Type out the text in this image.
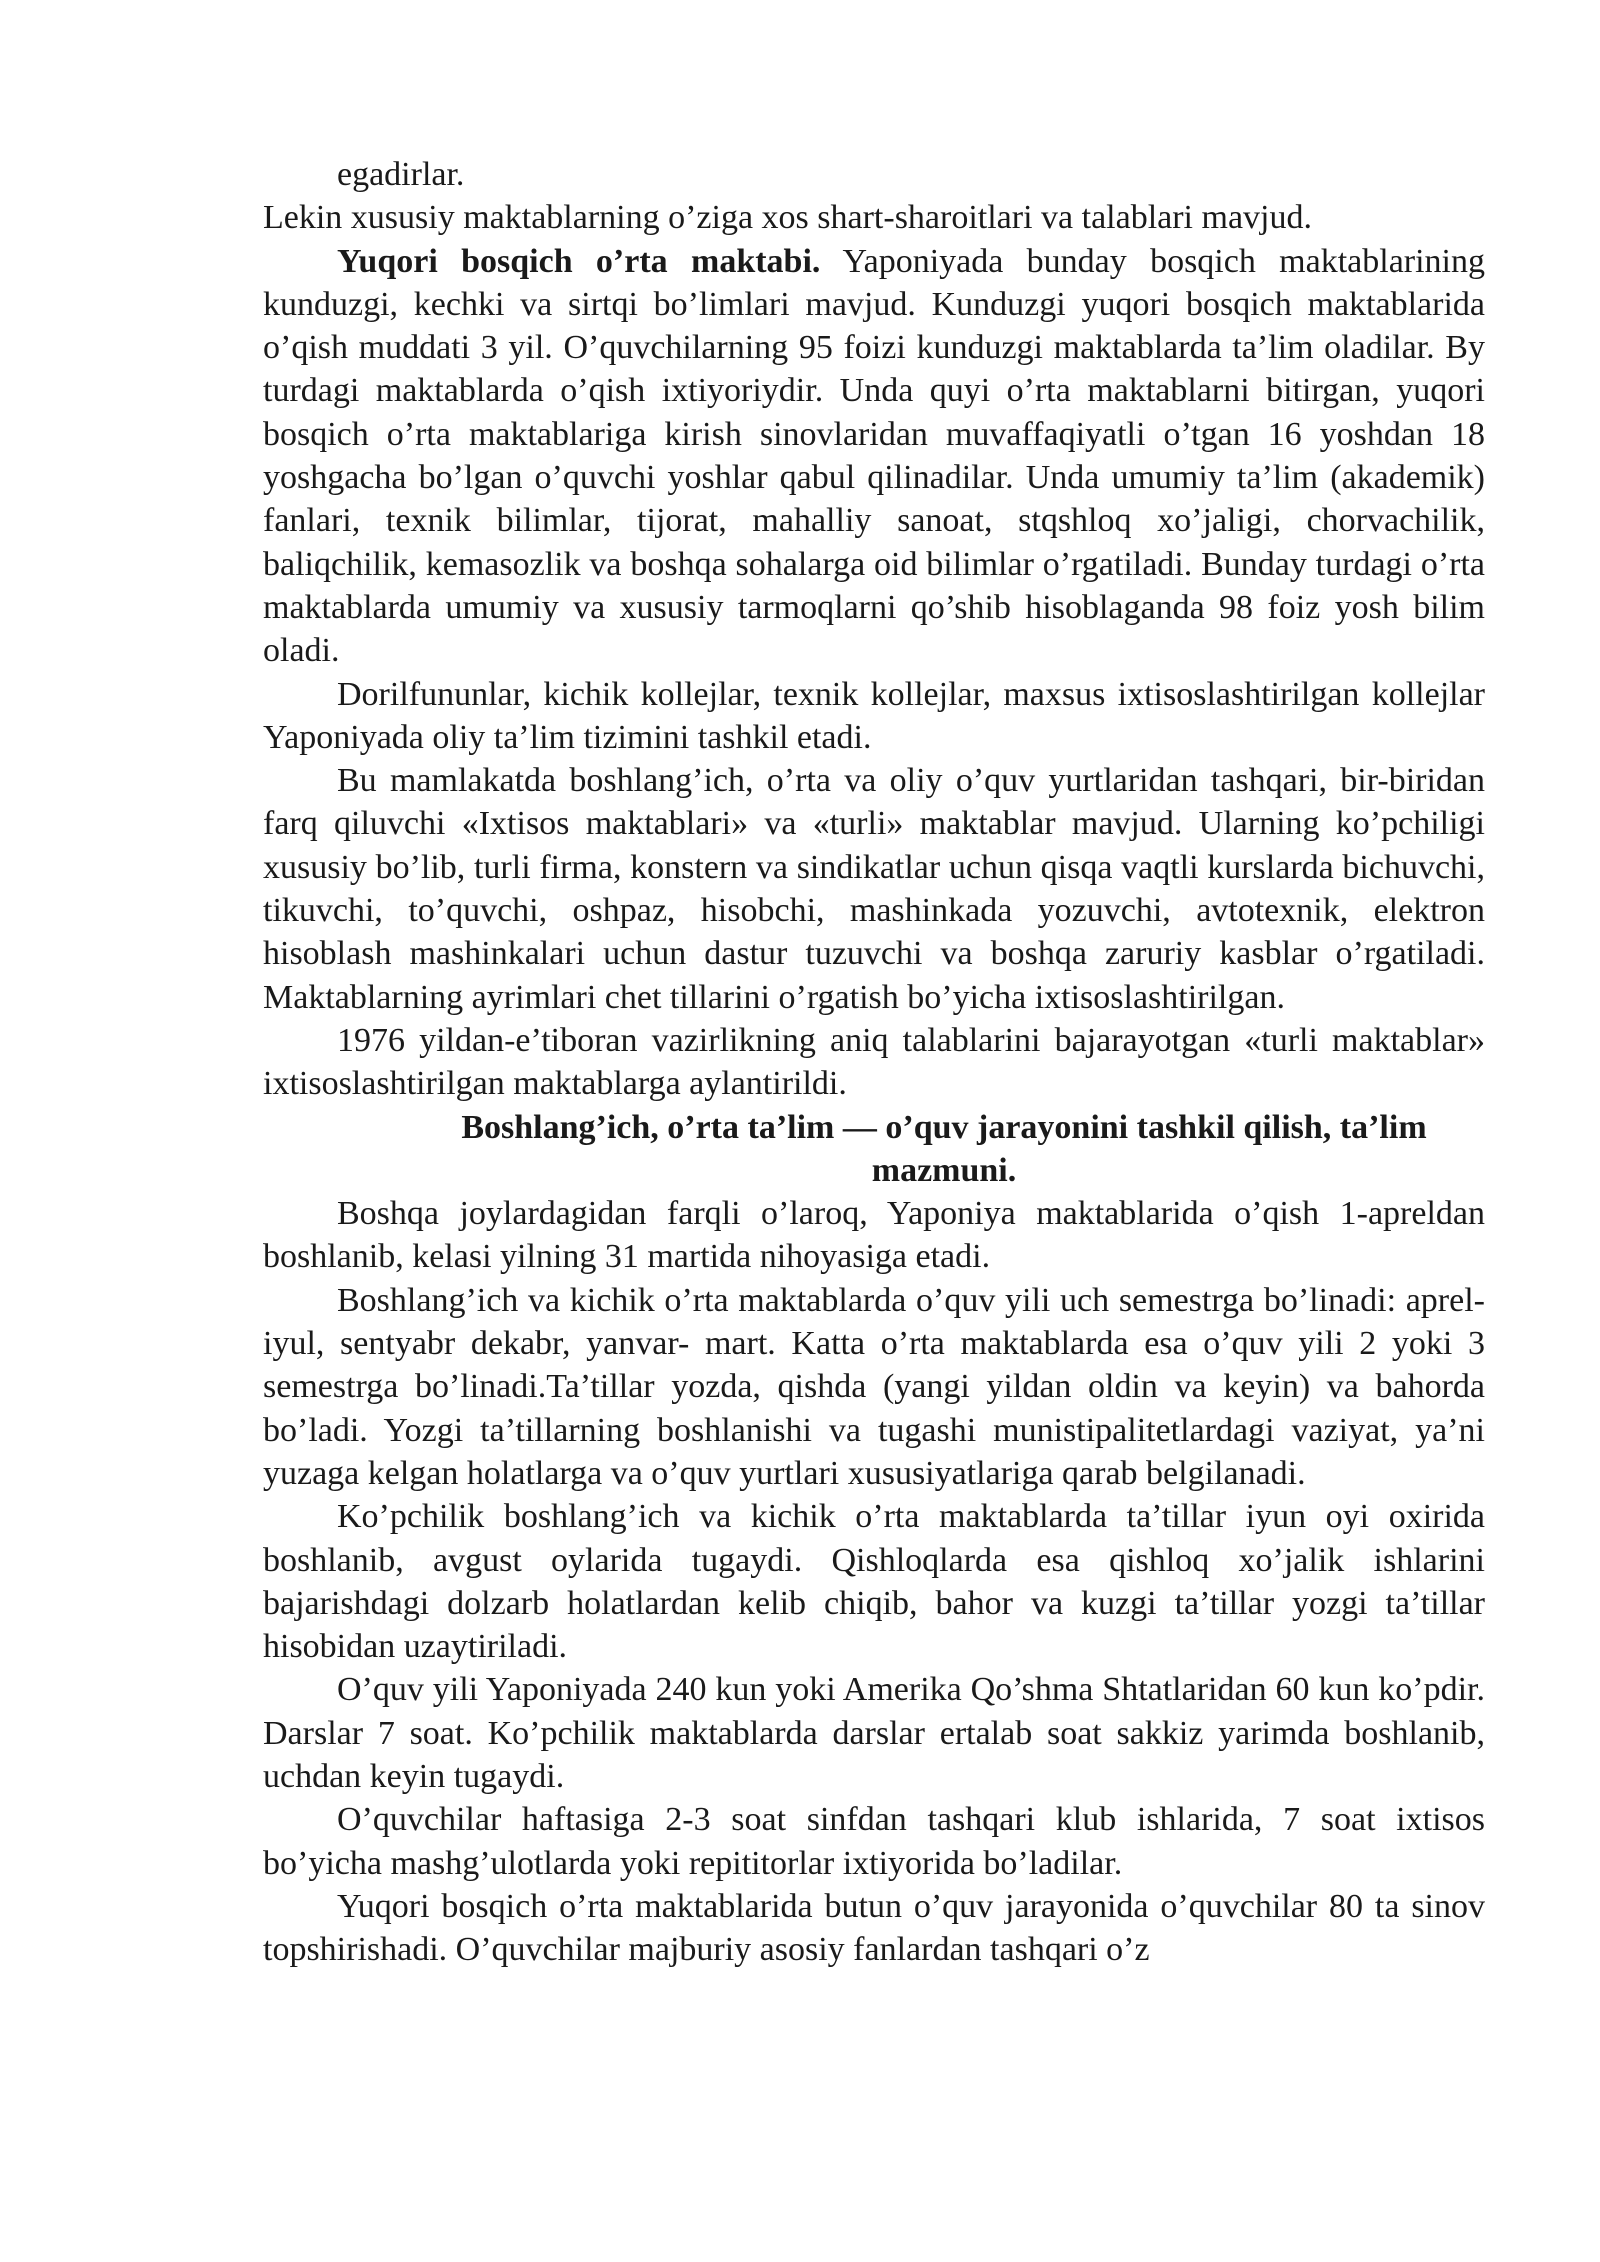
egadirlar.

Lekin xususiy maktablarning o’ziga xos shart-sharoitlari va talablari mavjud.

Yuqori bosqich o’rta maktabi. Yaponiyada bunday bosqich maktablarining kunduzgi, kechki va sirtqi bo’limlari mavjud. Kunduzgi yuqori bosqich maktablarida o’qish muddati 3 yil. O’quvchilarning 95 foizi kunduzgi maktablarda ta’lim oladilar. By turdagi maktablarda o’qish ixtiyoriydir. Unda quyi o’rta maktablarni bitirgan, yuqori bosqich o’rta maktablariga kirish sinovlaridan muvaffaqiyatli o’tgan 16 yoshdan 18 yoshgacha bo’lgan o’quvchi yoshlar qabul qilinadilar. Unda umumiy ta’lim (akademik) fanlari, texnik bilimlar, tijorat, mahalliy sanoat, stqshloq xo’jaligi, chorvachilik, baliqchilik, kemasozlik va boshqa sohalarga oid bilimlar o’rgatiladi. Bunday turdagi o’rta maktablarda umumiy va xususiy tarmoqlarni qo’shib hisoblaganda 98 foiz yosh bilim oladi.

Dorilfununlar, kichik kollejlar, texnik kollejlar, maxsus ixtisoslashtirilgan kollejlar Yaponiyada oliy ta’lim tizimini tashkil etadi.

Bu mamlakatda boshlang’ich, o’rta va oliy o’quv yurtlaridan tashqari, bir-biridan farq qiluvchi «Ixtisos maktablari» va «turli» maktablar mavjud. Ularning ko’pchiligi xususiy bo’lib, turli firma, konstern va sindikatlar uchun qisqa vaqtli kurslarda bichuvchi, tikuvchi, to’quvchi, oshpaz, hisobchi, mashinkada yozuvchi, avtotexnik, elektron hisoblash mashinkalari uchun dastur tuzuvchi va boshqa zaruriy kasblar o’rgatiladi. Maktablarning ayrimlari chet tillarini o’rgatish bo’yicha ixtisoslashtirilgan.

1976 yildan-e’tiboran vazirlikning aniq talablarini bajarayotgan «turli maktablar» ixtisoslashtirilgan maktablarga aylantirildi.

Boshlang’ich, o’rta ta’lim — o’quv jarayonini tashkil qilish, ta’lim mazmuni.

Boshqa joylardagidan farqli o’laroq, Yaponiya maktablarida o’qish 1-apreldan boshlanib, kelasi yilning 31 martida nihoyasiga etadi.

Boshlang’ich va kichik o’rta maktablarda o’quv yili uch semestrga bo’linadi: aprel-iyul, sentyabr dekabr, yanvar- mart. Katta o’rta maktablarda esa o’quv yili 2 yoki 3 semestrga bo’linadi.Ta’tillar yozda, qishda (yangi yildan oldin va keyin) va bahorda bo’ladi. Yozgi ta’tillarning boshlanishi va tugashi munistipalitetlardagi vaziyat, ya’ni yuzaga kelgan holatlarga va o’quv yurtlari xususiyatlariga qarab belgilanadi.

Ko’pchilik boshlang’ich va kichik o’rta maktablarda ta’tillar iyun oyi oxirida boshlanib, avgust oylarida tugaydi. Qishloqlarda esa qishloq xo’jalik ishlarini bajarishdagi dolzarb holatlardan kelib chiqib, bahor va kuzgi ta’tillar yozgi ta’tillar hisobidan uzaytiriladi.

O’quv yili Yaponiyada 240 kun yoki Amerika Qo’shma Shtatlaridan 60 kun ko’pdir. Darslar 7 soat. Ko’pchilik maktablarda darslar ertalab soat sakkiz yarimda boshlanib, uchdan keyin tugaydi.

O’quvchilar haftasiga 2-3 soat sinfdan tashqari klub ishlarida, 7 soat ixtisos bo’yicha mashg’ulotlarda yoki repititorlar ixtiyorida bo’ladilar.

Yuqori bosqich o’rta maktablarida butun o’quv jarayonida o’quvchilar 80 ta sinov topshirishadi. O’quvchilar majburiy asosiy fanlardan tashqari o’z
